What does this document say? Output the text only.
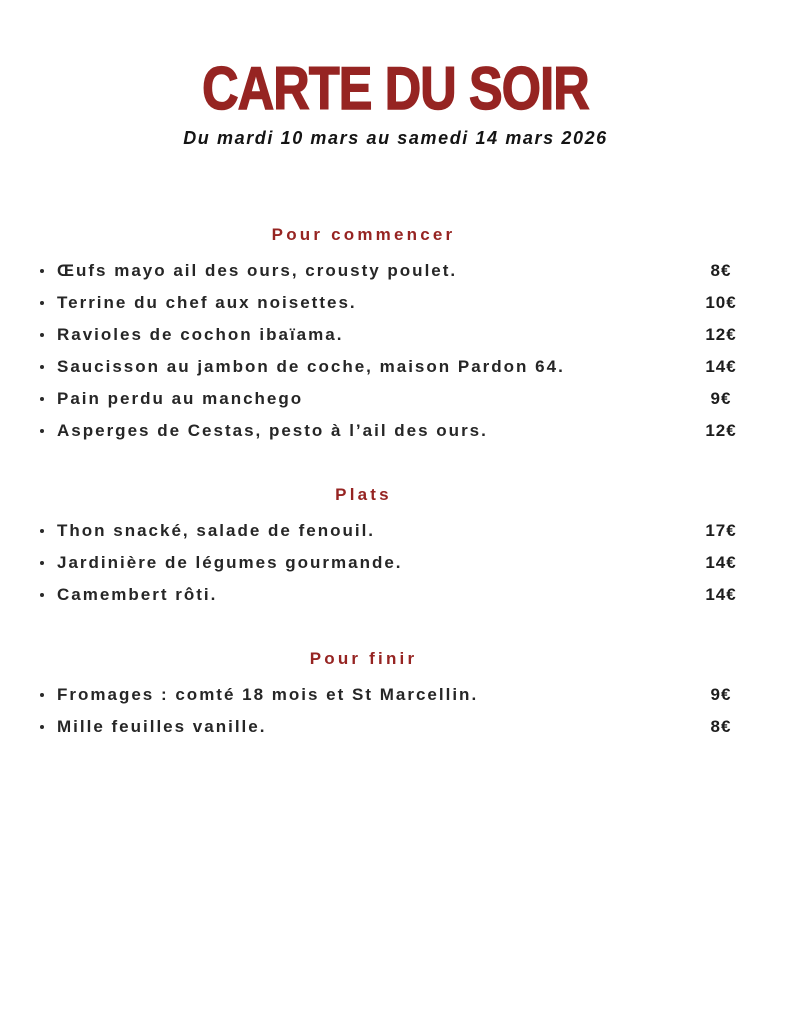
CARTE DU SOIR

Du mardi 10 mars au samedi 14 mars 2026

Pour commencer
Œufs mayo ail des ours, crousty poulet.	8€
Terrine du chef aux noisettes.	10€
Ravioles de cochon ibaïama.	12€
Saucisson au jambon de coche, maison Pardon 64.	14€
Pain perdu au manchego	9€
Asperges de Cestas, pesto à l’ail des ours.	12€
Plats
Thon snacké, salade de fenouil.	17€
Jardinière de légumes gourmande.	14€
Camembert rôti.	14€
Pour finir
Fromages : comté 18 mois et St Marcellin.	9€
Mille feuilles vanille.	8€
